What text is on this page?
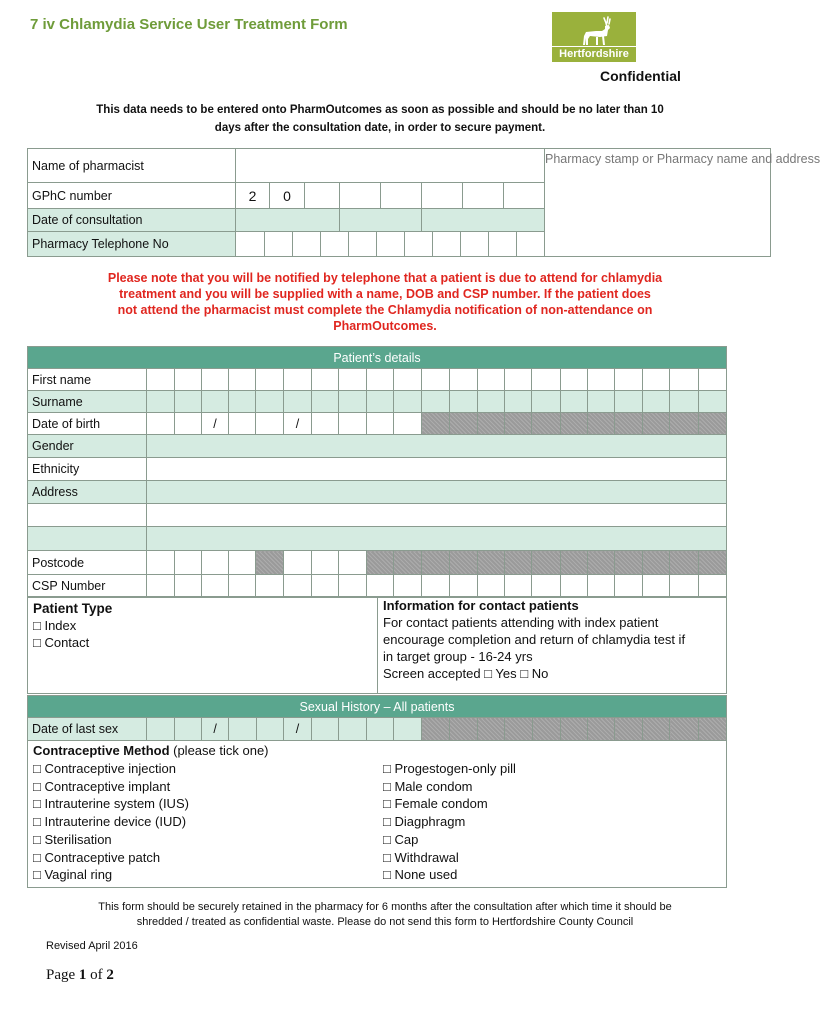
7 iv Chlamydia Service User Treatment Form
Hertfordshire
Confidential
This data needs to be entered onto PharmOutcomes as soon as possible and should be no later than 10
days after the consultation date, in order to secure payment.
Name of pharmacist		Pharmacy stamp or Pharmacy name and address
GPhC number	2	0						
Date of consultation			
Pharmacy Telephone No	

Please note that you will be notified by telephone that a patient is due to attend for chlamydia
treatment and you will be supplied with a name, DOB and CSP number. If the patient does
not attend the pharmacist must complete the Chlamydia notification of non-attendance on
PharmOutcomes.
Patient’s details																					
First name																					
Surname																					
Date of birth			/			/															
Gender																					
Ethnicity																					
Address																					

Postcode																					
CSP Number																					
Patient Type
□ Index
□ Contact
Information for contact patients
For contact patients attending with index patient
encourage completion and return of chlamydia test if
in target group - 16-24 yrs
Screen accepted □ Yes □ No
Sexual History – All patients
Date of last sex			/			/															
Contraceptive Method (please tick one)
□ Contraceptive injection
□ Contraceptive implant
□ Intrauterine system (IUS)
□ Intrauterine device (IUD)
□ Sterilisation
□ Contraceptive patch
□ Vaginal ring
□ Progestogen-only pill
□ Male condom
□ Female condom
□ Diagphragm
□ Cap
□ Withdrawal
□ None used
This form should be securely retained in the pharmacy for 6 months after the consultation after which time it should be
shredded / treated as confidential waste. Please do not send this form to Hertfordshire County Council
Revised April 2016
Page 1 of 2
